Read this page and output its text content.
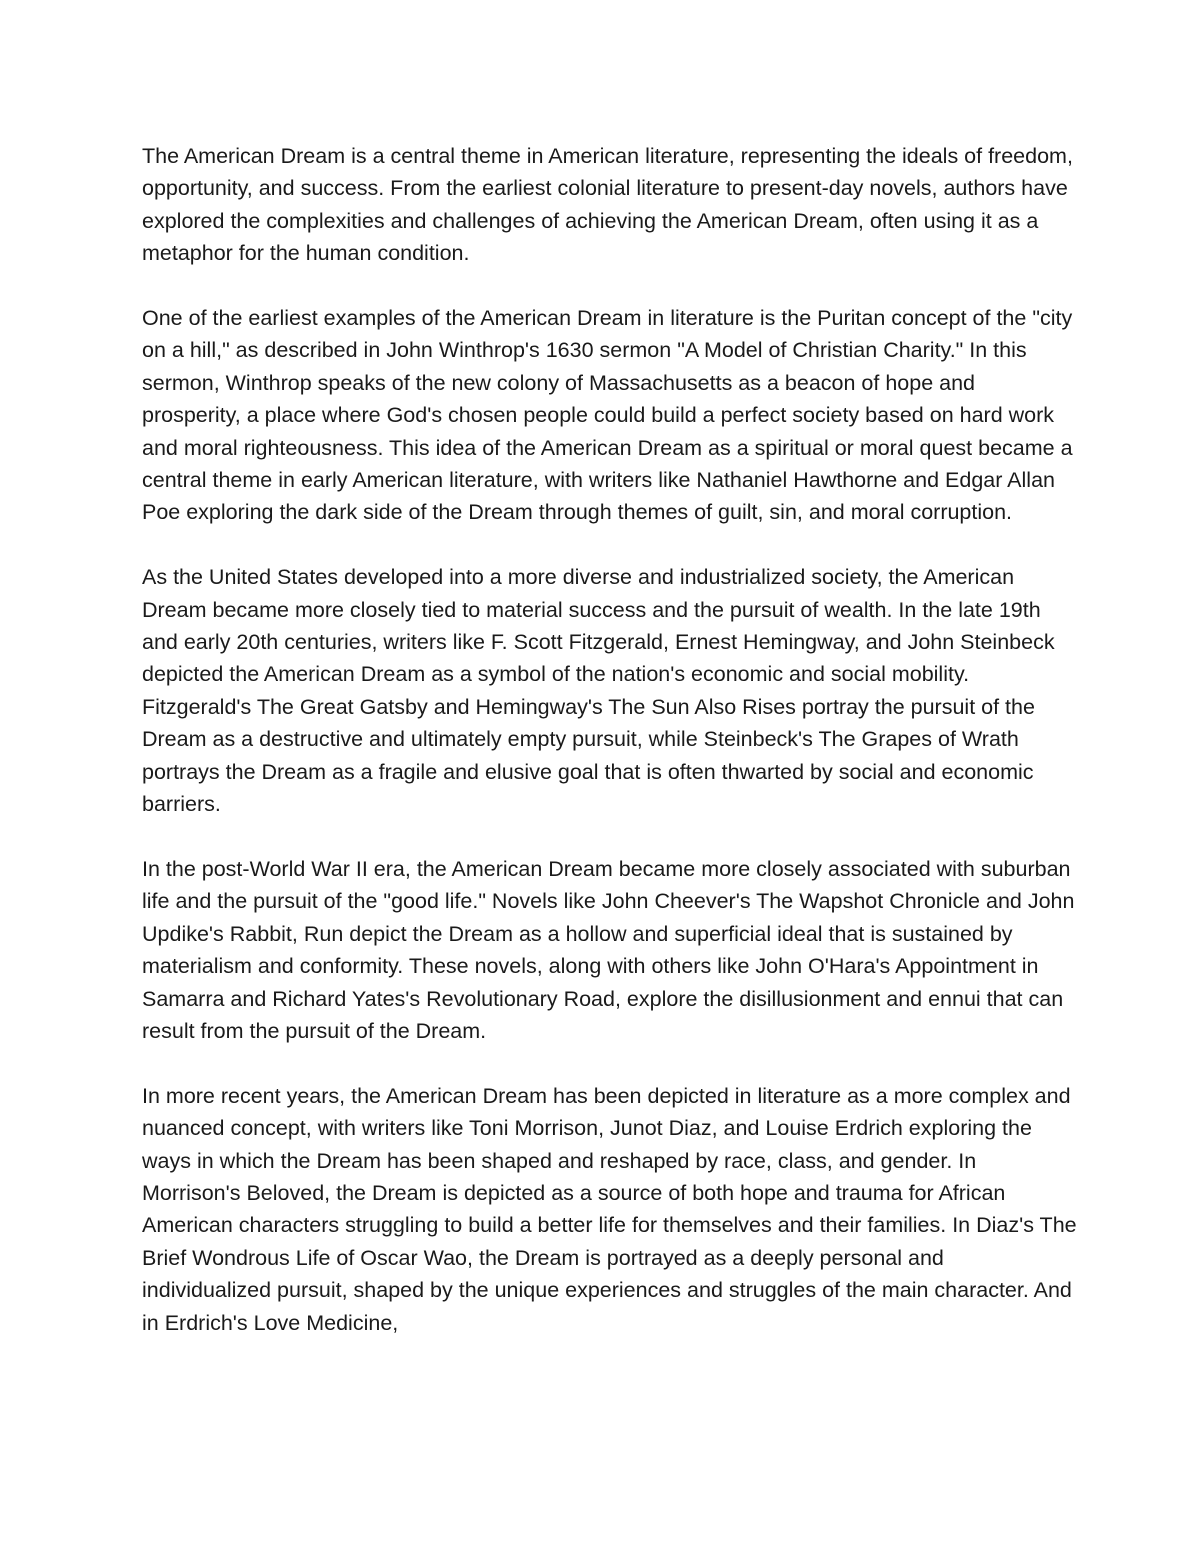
The American Dream is a central theme in American literature, representing the ideals of freedom, opportunity, and success. From the earliest colonial literature to present-day novels, authors have explored the complexities and challenges of achieving the American Dream, often using it as a metaphor for the human condition.

One of the earliest examples of the American Dream in literature is the Puritan concept of the "city on a hill," as described in John Winthrop's 1630 sermon "A Model of Christian Charity." In this sermon, Winthrop speaks of the new colony of Massachusetts as a beacon of hope and prosperity, a place where God's chosen people could build a perfect society based on hard work and moral righteousness. This idea of the American Dream as a spiritual or moral quest became a central theme in early American literature, with writers like Nathaniel Hawthorne and Edgar Allan Poe exploring the dark side of the Dream through themes of guilt, sin, and moral corruption.

As the United States developed into a more diverse and industrialized society, the American Dream became more closely tied to material success and the pursuit of wealth. In the late 19th and early 20th centuries, writers like F. Scott Fitzgerald, Ernest Hemingway, and John Steinbeck depicted the American Dream as a symbol of the nation's economic and social mobility. Fitzgerald's The Great Gatsby and Hemingway's The Sun Also Rises portray the pursuit of the Dream as a destructive and ultimately empty pursuit, while Steinbeck's The Grapes of Wrath portrays the Dream as a fragile and elusive goal that is often thwarted by social and economic barriers.

In the post-World War II era, the American Dream became more closely associated with suburban life and the pursuit of the "good life." Novels like John Cheever's The Wapshot Chronicle and John Updike's Rabbit, Run depict the Dream as a hollow and superficial ideal that is sustained by materialism and conformity. These novels, along with others like John O'Hara's Appointment in Samarra and Richard Yates's Revolutionary Road, explore the disillusionment and ennui that can result from the pursuit of the Dream.

In more recent years, the American Dream has been depicted in literature as a more complex and nuanced concept, with writers like Toni Morrison, Junot Diaz, and Louise Erdrich exploring the ways in which the Dream has been shaped and reshaped by race, class, and gender. In Morrison's Beloved, the Dream is depicted as a source of both hope and trauma for African American characters struggling to build a better life for themselves and their families. In Diaz's The Brief Wondrous Life of Oscar Wao, the Dream is portrayed as a deeply personal and individualized pursuit, shaped by the unique experiences and struggles of the main character. And in Erdrich's Love Medicine,
